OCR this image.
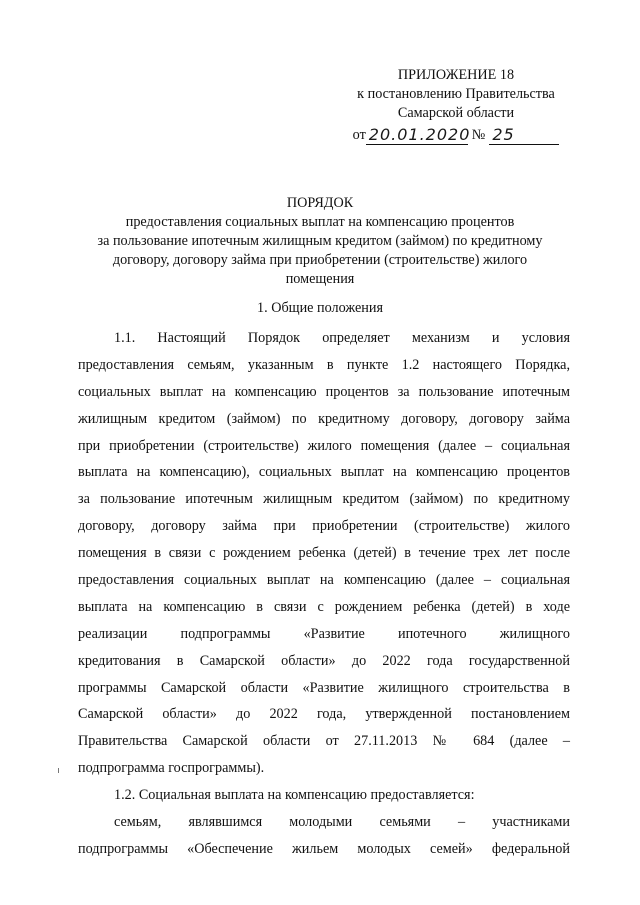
ПРИЛОЖЕНИЕ 18
к постановлению Правительства
Самарской области
от 20.01.2020 № 25
ПОРЯДОК
предоставления социальных выплат на компенсацию процентов
за пользование ипотечным жилищным кредитом (займом) по кредитному
договору, договору займа при приобретении (строительстве) жилого
помещения
1. Общие положения
1.1. Настоящий Порядок определяет механизм и условия
предоставления семьям, указанным в пункте 1.2 настоящего Порядка,
социальных выплат на компенсацию процентов за пользование ипотечным
жилищным кредитом (займом) по кредитному договору, договору займа
при приобретении (строительстве) жилого помещения (далее – социальная
выплата на компенсацию), социальных выплат на компенсацию процентов
за пользование ипотечным жилищным кредитом (займом) по кредитному
договору, договору займа при приобретении (строительстве) жилого
помещения в связи с рождением ребенка (детей) в течение трех лет после
предоставления социальных выплат на компенсацию (далее – социальная
выплата на компенсацию в связи с рождением ребенка (детей) в ходе
реализации подпрограммы «Развитие ипотечного жилищного
кредитования в Самарской области» до 2022 года государственной
программы Самарской области «Развитие жилищного строительства в
Самарской области» до 2022 года, утвержденной постановлением
Правительства Самарской области от 27.11.2013 № 684 (далее –
подпрограмма госпрограммы).
1.2. Социальная выплата на компенсацию предоставляется:
семьям, являвшимся молодыми семьями – участниками
подпрограммы «Обеспечение жильем молодых семей» федеральной
